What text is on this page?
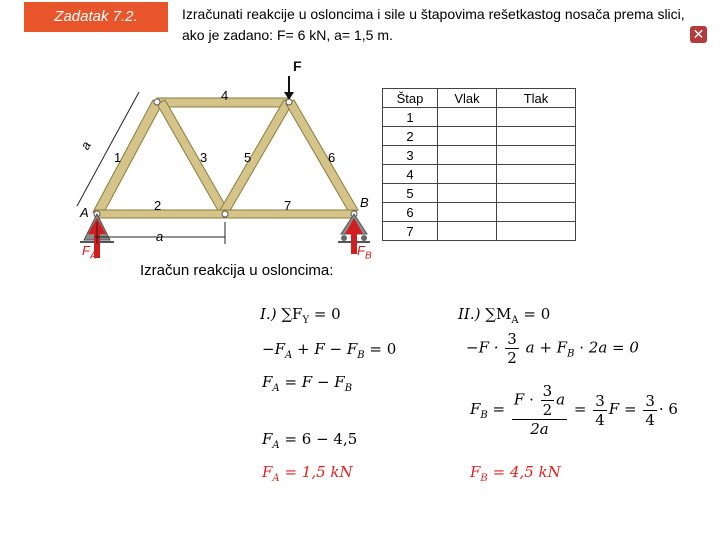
Zadatak 7.2.	Izračunati reakcije u osloncima i sile u štapovima rešetkastog nosača prema slici,
ako je zadano: F= 6 kN, a= 1,5 m.	✕
F
a
a
A
B
$F_A$	$F_B$
1
2
3
4
5	6
7
Štap	Vlak	Tlak
1		
2		
3		
4		
5		
6		
7		
Izračun reakcija u osloncima:
I.) $\sum F_Y = 0$
$-F_A + F - F_B = 0$
$F_A = F - F_B$
$F_A = 6 - 4,5$
$F_A = 1,5$ kN
II.) $\sum M_A = 0$
$-F \cdot \frac{3}{2}$ $a + F_B \cdot 2a = 0$
$F_B = \frac{F \cdot \frac{3}{2} a}{2a} = \frac{3}{4}$ $F = \frac{3}{4} \cdot 6$
$F_B = 4,5$ kN
